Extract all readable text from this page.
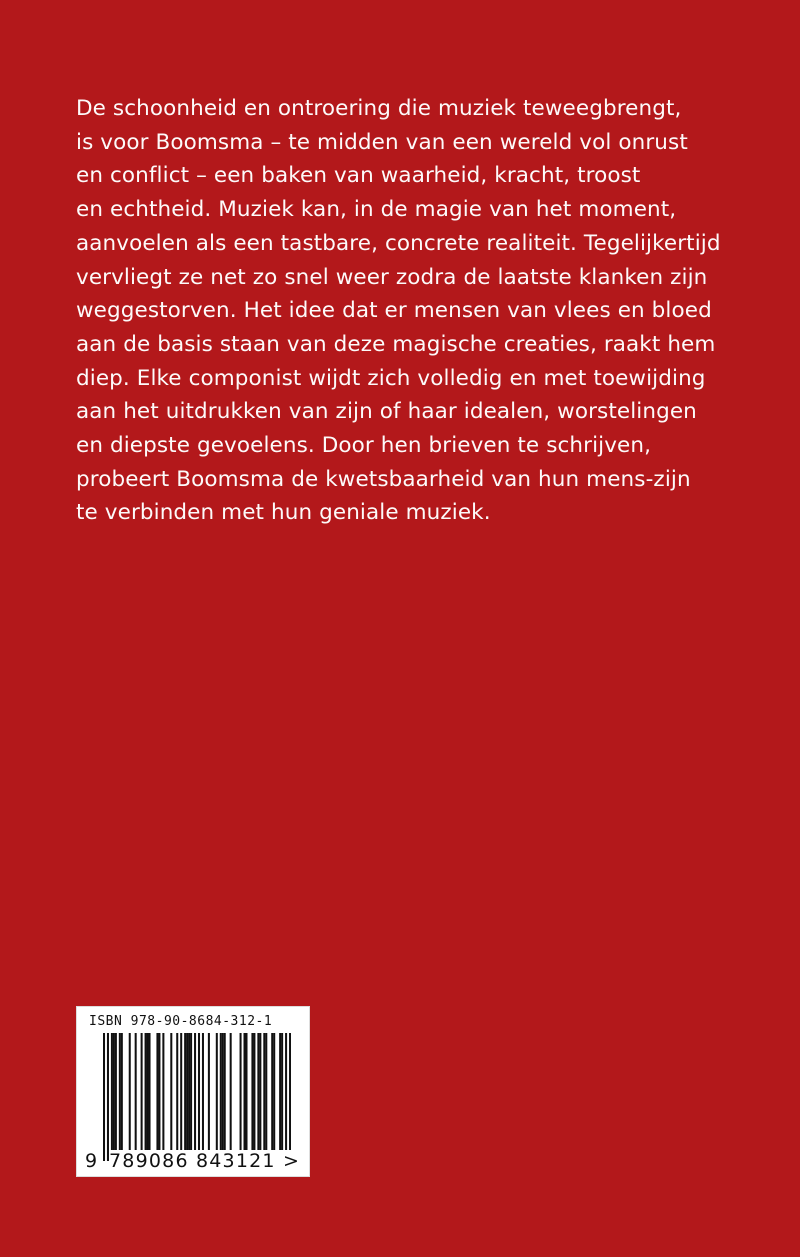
De schoonheid en ontroering die muziek teweegbrengt,
is voor Boomsma – te midden van een wereld vol onrust
en conflict – een baken van waarheid, kracht, troost
en echtheid. Muziek kan, in de magie van het moment,
aanvoelen als een tastbare, concrete realiteit. Tegelijkertijd
vervliegt ze net zo snel weer zodra de laatste klanken zijn
weggestorven. Het idee dat er mensen van vlees en bloed
aan de basis staan van deze magische creaties, raakt hem
diep. Elke componist wijdt zich volledig en met toewijding
aan het uitdrukken van zijn of haar idealen, worstelingen
en diepste gevoelens. Door hen brieven te schrijven,
probeert Boomsma de kwetsbaarheid van hun mens-zijn
te verbinden met hun geniale muziek.
ISBN 978-90-8684-312-1
9 789086 843121 >
